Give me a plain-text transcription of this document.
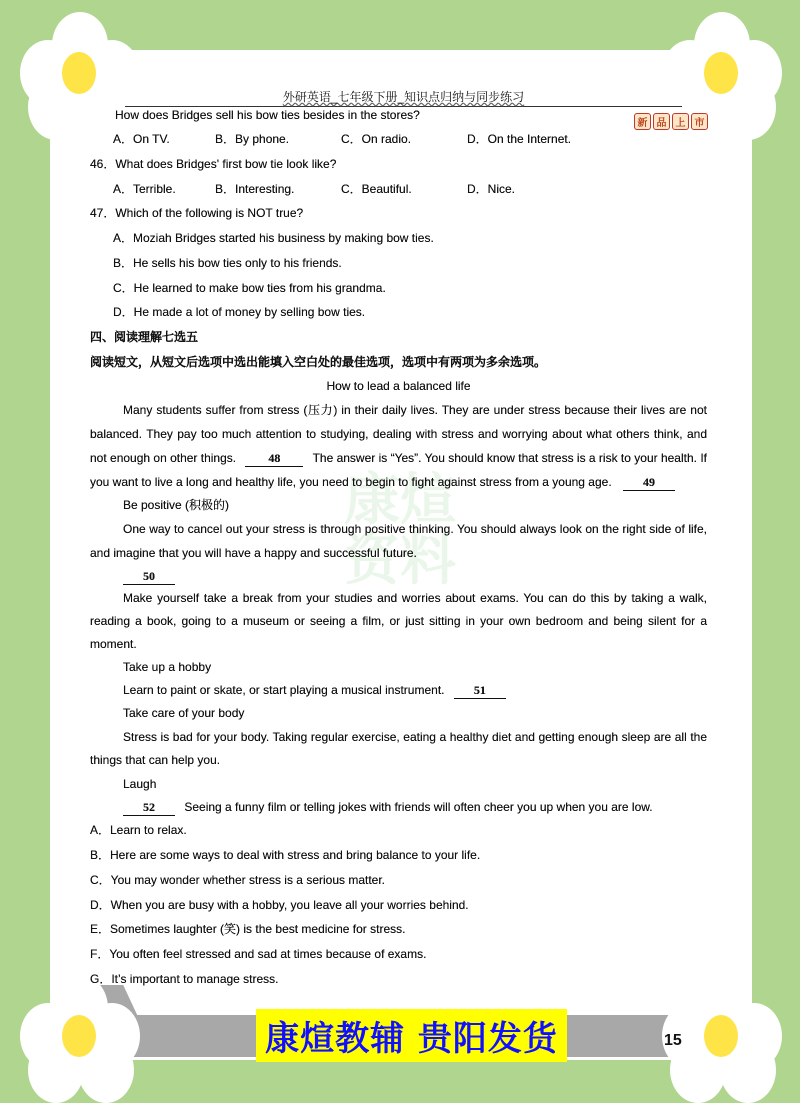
康煊资料
外研英语_七年级下册_知识点归纳与同步练习
新 品 上 市
How does Bridges sell his bow ties besides in the stores?
A．On TV.	B．By phone.	C．On radio.	D．On the Internet.
46．What does Bridges' first bow tie look like?
A．Terrible.	B．Interesting.	C．Beautiful.	D．Nice.
47．Which of the following is NOT true?
A．Moziah Bridges started his business by making bow ties.
B．He sells his bow ties only to his friends.
C．He learned to make bow ties from his grandma.
D．He made a lot of money by selling bow ties.
四、阅读理解七选五
阅读短文，从短文后选项中选出能填入空白处的最佳选项，选项中有两项为多余选项。
How to lead a balanced life
Many students suffer from stress (压力) in their daily lives. They are under stress because their lives are not
balanced. They pay too much attention to studying, dealing with stress and worrying about what others think, and
not enough on other things.	48	The answer is “Yes”. You should know that stress is a risk to your health. If
you want to live a long and healthy life, you need to begin to fight against stress from a young age.	49
Be positive (积极的)
One way to cancel out your stress is through positive thinking. You should always look on the right side of life,
and imagine that you will have a happy and successful future.
50
Make yourself take a break from your studies and worries about exams. You can do this by taking a walk,
reading a book, going to a museum or seeing a film, or just sitting in your own bedroom and being silent for a
moment.
Take up a hobby
Learn to paint or skate, or start playing a musical instrument. 51
Take care of your body
Stress is bad for your body. Taking regular exercise, eating a healthy diet and getting enough sleep are all the
things that can help you.
Laugh
52 Seeing a funny film or telling jokes with friends will often cheer you up when you are low.
A．Learn to relax.
B．Here are some ways to deal with stress and bring balance to your life.
C．You may wonder whether stress is a serious matter.
D．When you are busy with a hobby, you leave all your worries behind.
E．Sometimes laughter (笑) is the best medicine for stress.
F．You often feel stressed and sad at times because of exams.
G．It’s important to manage stress.
15
康煊教辅 贵阳发货
